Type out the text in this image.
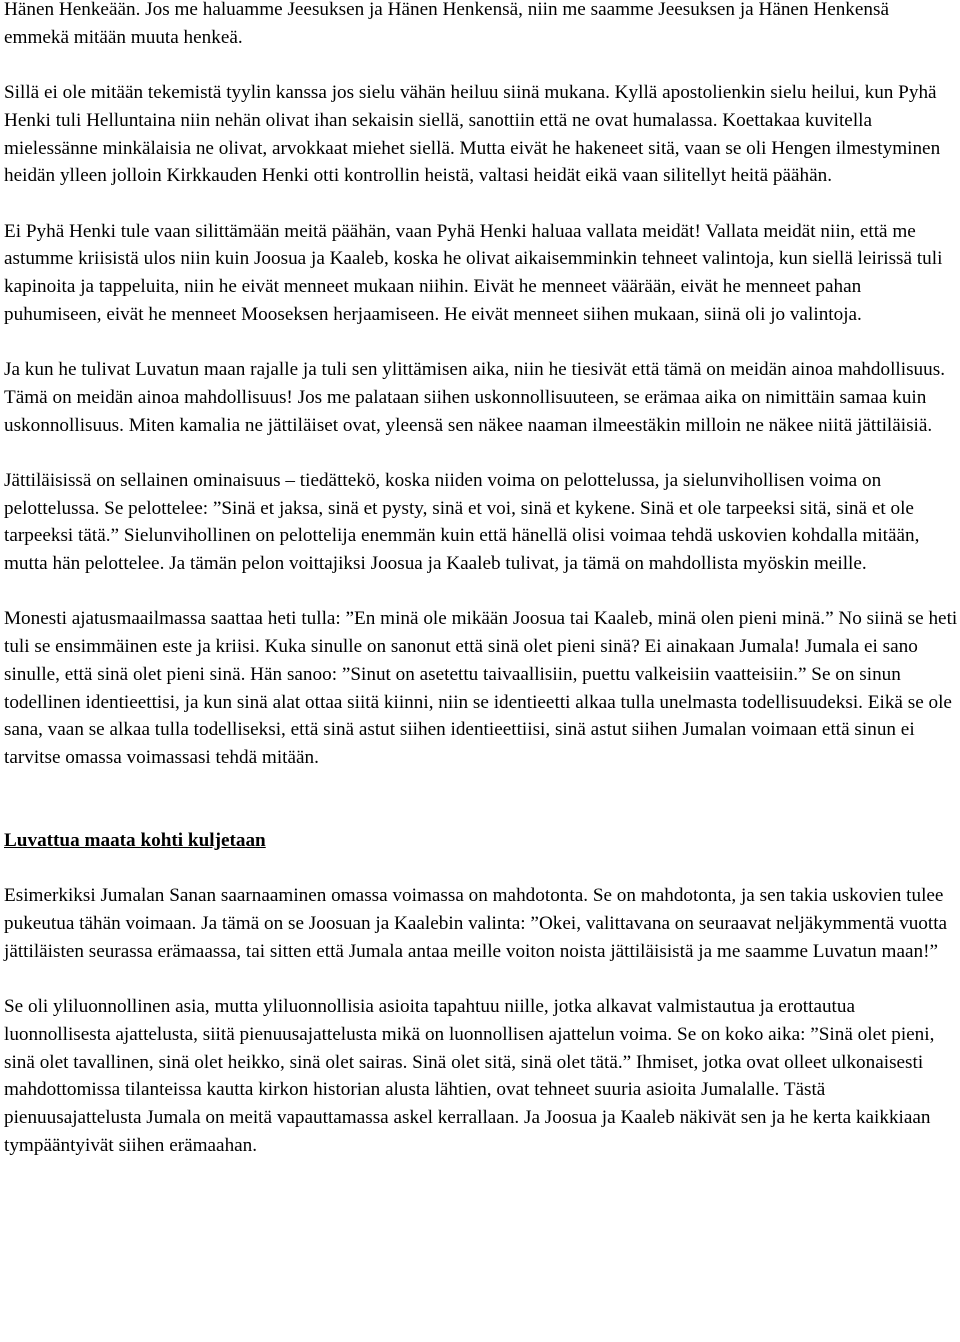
Hänen Henkeään. Jos me haluamme Jeesuksen ja Hänen Henkensä, niin me saamme Jeesuksen ja Hänen Henkensä emmekä mitään muuta henkeä.

Sillä ei ole mitään tekemistä tyylin kanssa jos sielu vähän heiluu siinä mukana. Kyllä apostolienkin sielu heilui, kun Pyhä Henki tuli Helluntaina niin nehän olivat ihan sekaisin siellä, sanottiin että ne ovat humalassa. Koettakaa kuvitella mielessänne minkälaisia ne olivat, arvokkaat miehet siellä. Mutta eivät he hakeneet sitä, vaan se oli Hengen ilmestyminen heidän ylleen jolloin Kirkkauden Henki otti kontrollin heistä, valtasi heidät eikä vaan silitellyt heitä päähän.

Ei Pyhä Henki tule vaan silittämään meitä päähän, vaan Pyhä Henki haluaa vallata meidät! Vallata meidät niin, että me astumme kriisistä ulos niin kuin Joosua ja Kaaleb, koska he olivat aikaisemminkin tehneet valintoja, kun siellä leirissä tuli kapinoita ja tappeluita, niin he eivät menneet mukaan niihin. Eivät he menneet väärään, eivät he menneet pahan puhumiseen, eivät he menneet Mooseksen herjaamiseen. He eivät menneet siihen mukaan, siinä oli jo valintoja.

Ja kun he tulivat Luvatun maan rajalle ja tuli sen ylittämisen aika, niin he tiesivät että tämä on meidän ainoa mahdollisuus. Tämä on meidän ainoa mahdollisuus! Jos me palataan siihen uskonnollisuuteen, se erämaa aika on nimittäin samaa kuin uskonnollisuus. Miten kamalia ne jättiläiset ovat, yleensä sen näkee naaman ilmeestäkin milloin ne näkee niitä jättiläisiä.

Jättiläisissä on sellainen ominaisuus – tiedättekö, koska niiden voima on pelottelussa, ja sielunvihollisen voima on pelottelussa. Se pelottelee: ”Sinä et jaksa, sinä et pysty, sinä et voi, sinä et kykene. Sinä et ole tarpeeksi sitä, sinä et ole tarpeeksi tätä.” Sielunvihollinen on pelottelija enemmän kuin että hänellä olisi voimaa tehdä uskovien kohdalla mitään, mutta hän pelottelee. Ja tämän pelon voittajiksi Joosua ja Kaaleb tulivat, ja tämä on mahdollista myöskin meille.

Monesti ajatusmaailmassa saattaa heti tulla: ”En minä ole mikään Joosua tai Kaaleb, minä olen pieni minä.” No siinä se heti tuli se ensimmäinen este ja kriisi. Kuka sinulle on sanonut että sinä olet pieni sinä? Ei ainakaan Jumala! Jumala ei sano sinulle, että sinä olet pieni sinä. Hän sanoo: ”Sinut on asetettu taivaallisiin, puettu valkeisiin vaatteisiin.” Se on sinun todellinen identieettisi, ja kun sinä alat ottaa siitä kiinni, niin se identieetti alkaa tulla unelmasta todellisuudeksi. Eikä se ole sana, vaan se alkaa tulla todelliseksi, että sinä astut siihen identieettiisi, sinä astut siihen Jumalan voimaan että sinun ei tarvitse omassa voimassasi tehdä mitään.

Luvattua maata kohti kuljetaan

Esimerkiksi Jumalan Sanan saarnaaminen omassa voimassa on mahdotonta. Se on mahdotonta, ja sen takia uskovien tulee pukeutua tähän voimaan. Ja tämä on se Joosuan ja Kaalebin valinta: ”Okei, valittavana on seuraavat neljäkymmentä vuotta jättiläisten seurassa erämaassa, tai sitten että Jumala antaa meille voiton noista jättiläisistä ja me saamme Luvatun maan!”

Se oli yliluonnollinen asia, mutta yliluonnollisia asioita tapahtuu niille, jotka alkavat valmistautua ja erottautua luonnollisesta ajattelusta, siitä pienuusajattelusta mikä on luonnollisen ajattelun voima. Se on koko aika: ”Sinä olet pieni, sinä olet tavallinen, sinä olet heikko, sinä olet sairas. Sinä olet sitä, sinä olet tätä.” Ihmiset, jotka ovat olleet ulkonaisesti mahdottomissa tilanteissa kautta kirkon historian alusta lähtien, ovat tehneet suuria asioita Jumalalle. Tästä pienuusajattelusta Jumala on meitä vapauttamassa askel kerrallaan. Ja Joosua ja Kaaleb näkivät sen ja he kerta kaikkiaan tympääntyivät siihen erämaahan.
